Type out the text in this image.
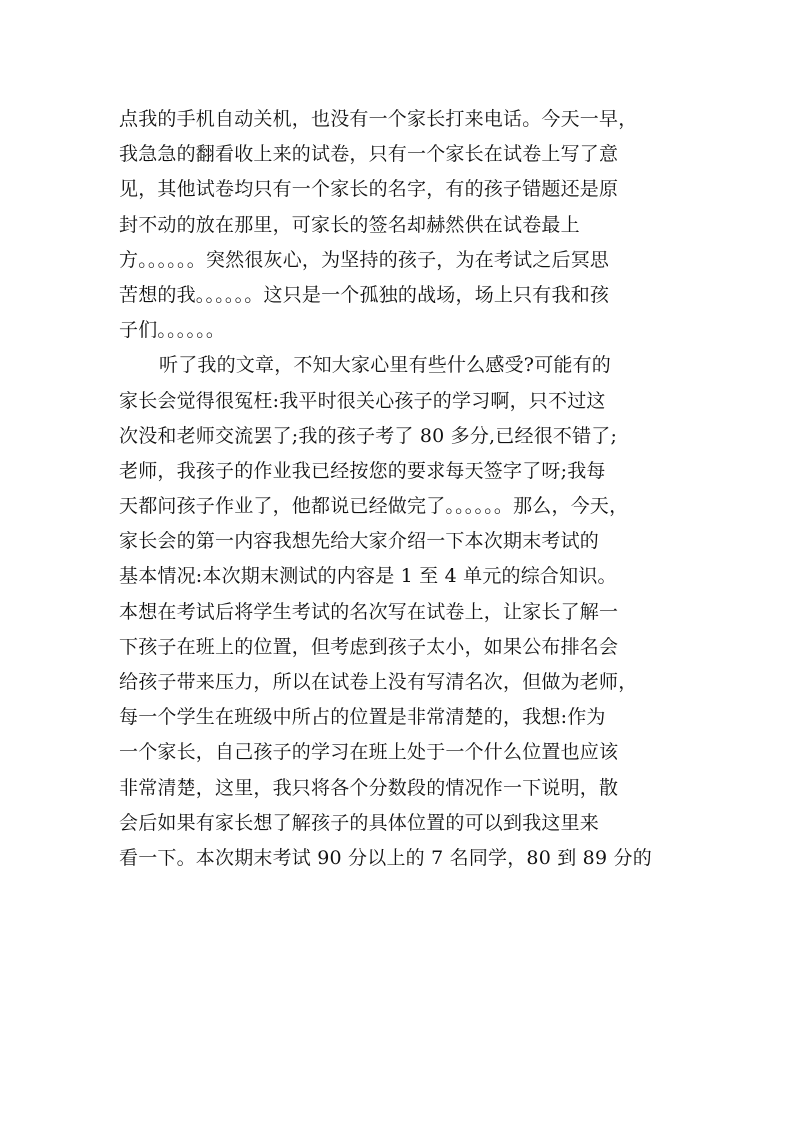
点我的手机自动关机，也没有一个家长打来电话。今天一早，
我急急的翻看收上来的试卷，只有一个家长在试卷上写了意
见，其他试卷均只有一个家长的名字，有的孩子错题还是原
封不动的放在那里，可家长的签名却赫然供在试卷最上
方。。。。。。突然很灰心，为坚持的孩子，为在考试之后冥思
苦想的我。。。。。。这只是一个孤独的战场，场上只有我和孩
子们。。。。。。
听了我的文章，不知大家心里有些什么感受?可能有的
家长会觉得很冤枉:我平时很关心孩子的学习啊，只不过这
次没和老师交流罢了;我的孩子考了 80 多分,已经很不错了;
老师，我孩子的作业我已经按您的要求每天签字了呀;我每
天都问孩子作业了，他都说已经做完了。。。。。。那么，今天，
家长会的第一内容我想先给大家介绍一下本次期末考试的
基本情况:本次期末测试的内容是 1 至 4 单元的综合知识。
本想在考试后将学生考试的名次写在试卷上，让家长了解一
下孩子在班上的位置，但考虑到孩子太小，如果公布排名会
给孩子带来压力，所以在试卷上没有写清名次，但做为老师，
每一个学生在班级中所占的位置是非常清楚的，我想:作为
一个家长，自己孩子的学习在班上处于一个什么位置也应该
非常清楚，这里，我只将各个分数段的情况作一下说明，散
会后如果有家长想了解孩子的具体位置的可以到我这里来
看一下。本次期末考试 90 分以上的 7 名同学，80 到 89 分的
